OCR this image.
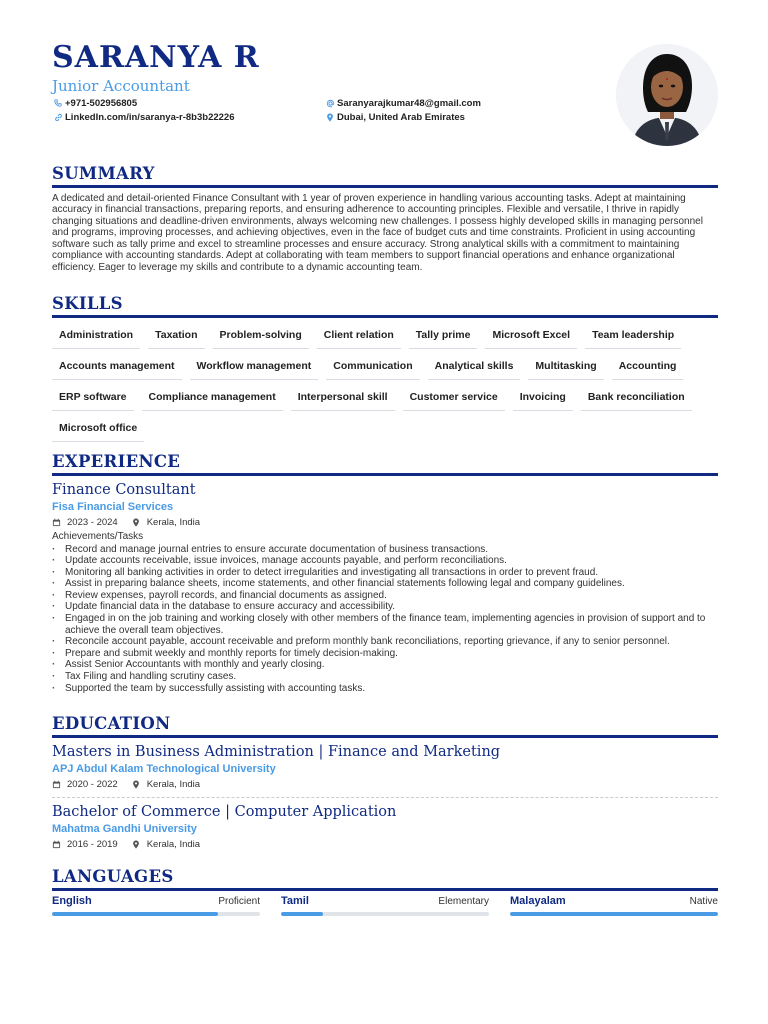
SARANYA R
Junior Accountant
+971-502956805	Saranyarajkumar48@gmail.com
LinkedIn.com/in/saranya-r-8b3b22226	Dubai, United Arab Emirates
SUMMARY
A dedicated and detail-oriented Finance Consultant with 1 year of proven experience in handling various accounting tasks. Adept at maintaining accuracy in financial transactions, preparing reports, and ensuring adherence to accounting principles. Flexible and versatile, I thrive in rapidly changing situations and deadline-driven environments, always welcoming new challenges. I possess highly developed skills in managing personnel and programs, improving processes, and achieving objectives, even in the face of budget cuts and time constraints. Proficient in using accounting software such as tally prime and excel to streamline processes and ensure accuracy. Strong analytical skills with a commitment to maintaining compliance with accounting standards. Adept at collaborating with team members to support financial operations and enhance organizational efficiency. Eager to leverage my skills and contribute to a dynamic accounting team.
SKILLS
Administration	Taxation	Problem-solving	Client relation	Tally prime	Microsoft Excel	Team leadership
Accounts management	Workflow management	Communication	Analytical skills	Multitasking	Accounting
ERP software	Compliance management	Interpersonal skill	Customer service	Invoicing	Bank reconciliation
Microsoft office
EXPERIENCE
Finance Consultant
Fisa Financial Services
2023 - 2024	Kerala, India
Achievements/Tasks
· Record and manage journal entries to ensure accurate documentation of business transactions.
· Update accounts receivable, issue invoices, manage accounts payable, and perform reconciliations.
· Monitoring all banking activities in order to detect irregularities and investigating all transactions in order to prevent fraud.
· Assist in preparing balance sheets, income statements, and other financial statements following legal and company guidelines.
· Review expenses, payroll records, and financial documents as assigned.
· Update financial data in the database to ensure accuracy and accessibility.
· Engaged in on the job training and working closely with other members of the finance team, implementing agencies in provision of support and to achieve the overall team objectives.
· Reconcile account payable, account receivable and preform monthly bank reconciliations, reporting grievance, if any to senior personnel.
· Prepare and submit weekly and monthly reports for timely decision-making.
· Assist Senior Accountants with monthly and yearly closing.
· Tax Filing and handling scrutiny cases.
· Supported the team by successfully assisting with accounting tasks.
EDUCATION
Masters in Business Administration | Finance and Marketing
APJ Abdul Kalam Technological University
2020 - 2022	Kerala, India
Bachelor of Commerce | Computer Application
Mahatma Gandhi University
2016 - 2019	Kerala, India
LANGUAGES
English	Proficient Tamil	Elementary Malayalam	Native
